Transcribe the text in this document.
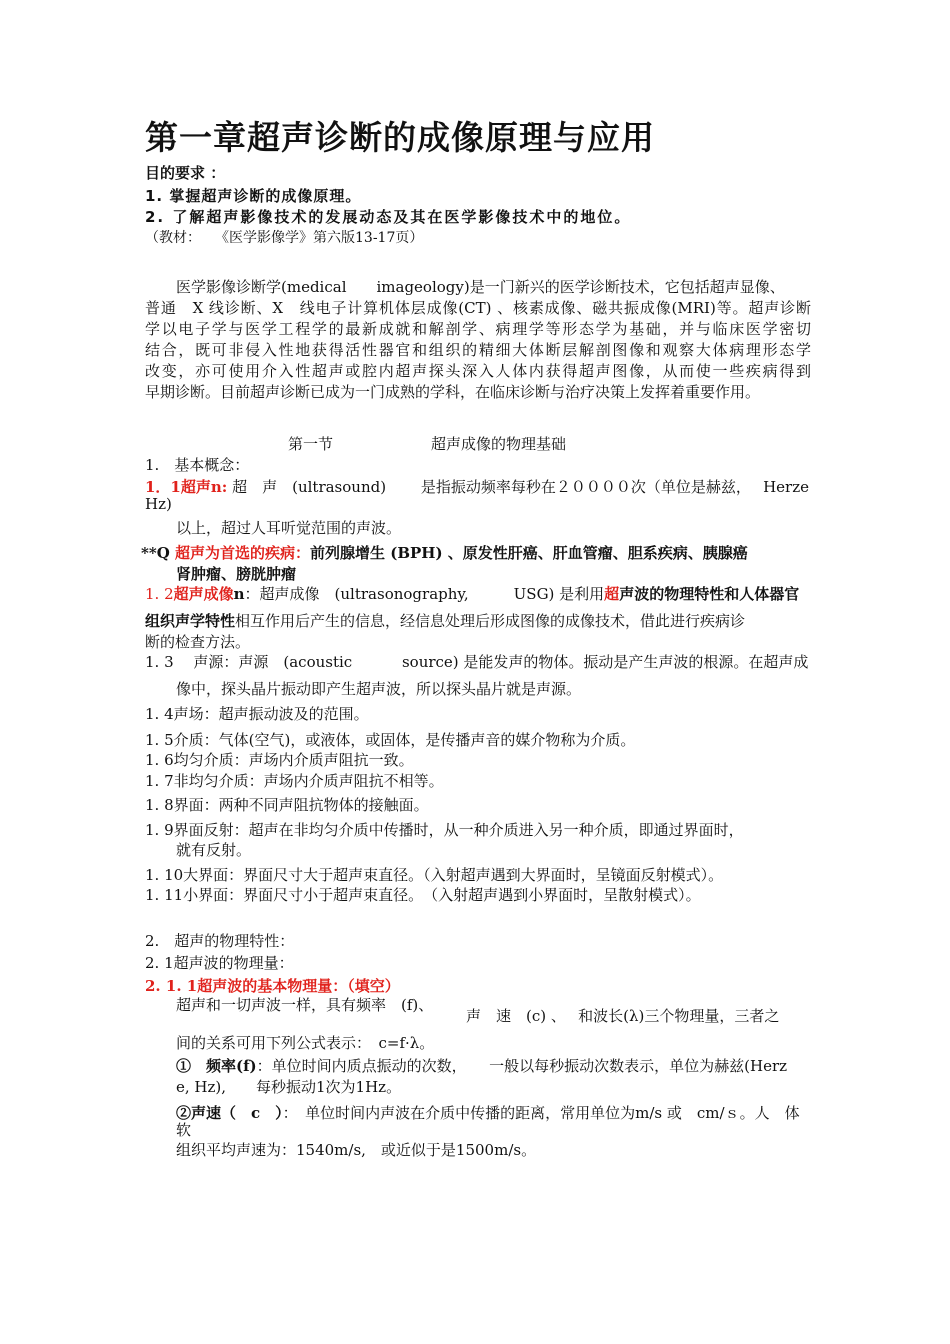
第一章超声诊断的成像原理与应用
目的要求 ：
1. 掌握超声诊断的成像原理。
2. 了解超声影像技术的发展动态及其在医学影像技术中的地位。
（教材：　　《医学影像学》第六版13-17页）
医学影像诊断学(medical　　imageology)是一门新兴的医学诊断技术，它包括超声显像、
普通　X 线诊断、X　线电子计算机体层成像(CT) 、核素成像、磁共振成像(MRI)等。超声诊断
学以电子学与医学工程学的最新成就和解剖学、病理学等形态学为基础，并与临床医学密切
结合，既可非侵入性地获得活性器官和组织的精细大体断层解剖图像和观察大体病理形态学
改变，亦可使用介入性超声或腔内超声探头深入人体内获得超声图像，从而使一些疾病得到
早期诊断。目前超声诊断已成为一门成熟的学科，在临床诊断与治疗决策上发挥着重要作用。
第一节	超声成像的物理基础
1.　基本概念：
1．1超声n: 超　声　(ultrasound)　　 是指振动频率每秒在２００００次（单位是赫兹，　 Herze
Hz)
以上，超过人耳听觉范围的声波。
**Q 超声为首选的疾病：前列腺增生 (BPH) 、原发性肝癌、肝血管瘤、胆系疾病、胰腺癌
肾肿瘤、膀胱肿瘤
1. 2超声成像n：超声成像　(ultrasonography,　　　USG) 是利用超声波的物理特性和人体器官
组织声学特性相互作用后产生的信息，经信息处理后形成图像的成像技术，借此进行疾病诊
断的检查方法。
1. 3　 声源：声源　(acoustic　　　 source) 是能发声的物体。振动是产生声波的根源。在超声成
像中，探头晶片振动即产生超声波，所以探头晶片就是声源。
1. 4声场：超声振动波及的范围。
1. 5介质：气体(空气)，或液体，或固体，是传播声音的媒介物称为介质。
1. 6均匀介质：声场内介质声阻抗一致。
1. 7非均匀介质：声场内介质声阻抗不相等。
1. 8界面：两种不同声阻抗物体的接触面。
1. 9界面反射：超声在非均匀介质中传播时，从一种介质进入另一种介质，即通过界面时，
就有反射。
1. 10大界面：界面尺寸大于超声束直径。（入射超声遇到大界面时，呈镜面反射模式）。
1. 11小界面：界面尺寸小于超声束直径。　（入射超声遇到小界面时，呈散射模式）。
2.　超声的物理特性：
2. 1超声波的物理量：
2. 1. 1超声波的基本物理量：（填空）
超声和一切声波一样，具有频率　(f)、
声　速　(c) 、　 和波长(λ)三个物理量，三者之
间的关系可用下列公式表示：　c=f·λ。
①　频率(f)：单位时间内质点振动的次数，　　一般以每秒振动次数表示，单位为赫兹(Herz
e, Hz),　　每秒振动1次为1Hz。
②声速（　c　）：　单位时间内声波在介质中传播的距离，常用单位为m/s 或　cm/ｓ。人　体
软
组织平均声速为：1540m/s,　或近似于是1500m/s。
